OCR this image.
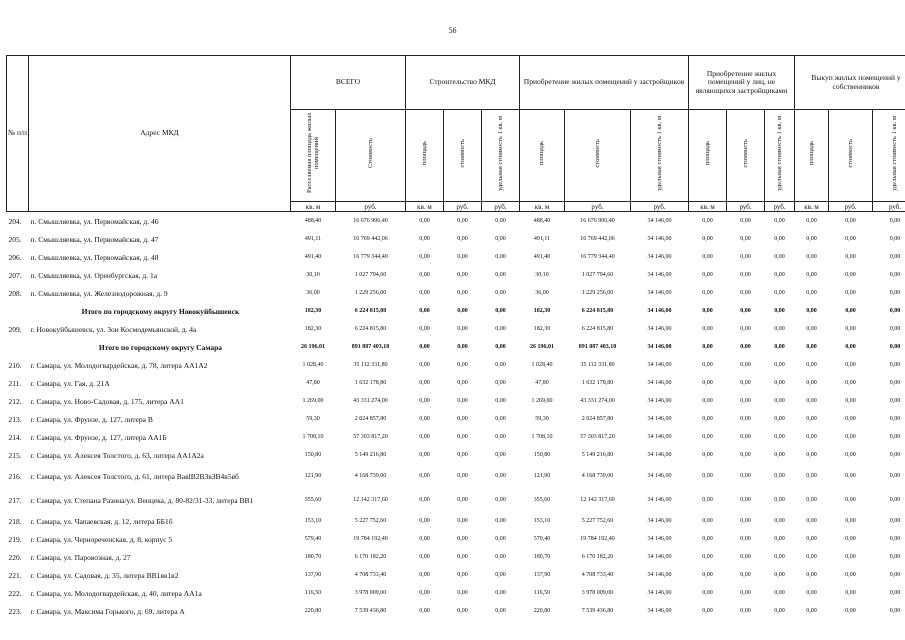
56
№ п/п	Адрес МКД	ВСЕГО		Строительство МКД			Приобретение жилых помещений у застройщиков			Приобретение жилых помещений у лиц, не являющихся застройщиками			Выкуп жилых помещений у собственников		
		Расселяемая площадь жилых помещений	Стоимость	площадь	стоимость	удельная стоимость 1 кв. м	площадь	стоимость	удельная стоимость 1 кв. м	площадь	стоимость	удельная стоимость 1 кв. м	площадь	стоимость	удельная стоимость 1 кв. м
		кв. м	руб.	кв. м	руб.	руб.	кв. м	руб.	руб.	кв. м	руб.	руб.	кв. м	руб.	руб.
204.	п. Смышляевка, ул. Первомайская, д. 46	488,40	16 676 906,40	0,00	0,00	0,00	488,40	16 676 906,40	34 146,00	0,00	0,00	0,00	0,00	0,00	0,00
205.	п. Смышляевка, ул. Первомайская, д. 47	491,11	16 769 442,06	0,00	0,00	0,00	491,11	16 769 442,06	34 146,00	0,00	0,00	0,00	0,00	0,00	0,00
206.	п. Смышляевка, ул. Первомайская, д. 48	491,40	16 779 344,40	0,00	0,00	0,00	491,40	16 779 344,40	34 146,00	0,00	0,00	0,00	0,00	0,00	0,00
207.	п. Смышляевка, ул. Оренбургская, д. 1а	30,10	1 027 794,60	0,00	0,00	0,00	30,10	1 027 794,60	34 146,00	0,00	0,00	0,00	0,00	0,00	0,00
208.	п. Смышляевка, ул. Железнодорожная, д. 9	36,00	1 229 256,00	0,00	0,00	0,00	36,00	1 229 256,00	34 146,00	0,00	0,00	0,00	0,00	0,00	0,00
	Итого по городскому округу Новокуйбышевск	182,30	6 224 815,80	0,00	0,00	0,00	182,30	6 224 815,80	34 146,00	0,00	0,00	0,00	0,00	0,00	0,00
209.	г. Новокуйбышевск, ул. Зои Космодемьянской, д. 4а	182,30	6 224 815,80	0,00	0,00	0,00	182,30	6 224 815,80	34 146,00	0,00	0,00	0,00	0,00	0,00	0,00
	Итого по городскому округу Самара	26 196,01	891 887 403,18	0,00	0,00	0,00	26 196,01	891 887 403,18	34 146,00	0,00	0,00	0,00	0,00	0,00	0,00
210.	г. Самара, ул. Молодогвардейская, д. 78, литера АА1А2	1 028,40	35 112 331,80	0,00	0,00	0,00	1 028,40	35 112 331,80	34 146,00	0,00	0,00	0,00	0,00	0,00	0,00
211.	г. Самара, ул. Гая, д. 21А	47,80	1 632 178,80	0,00	0,00	0,00	47,80	1 632 178,80	34 146,00	0,00	0,00	0,00	0,00	0,00	0,00
212.	г. Самара, ул. Ново-Садовая, д. 175, литера АА1	1 269,00	43 331 274,00	0,00	0,00	0,00	1 269,00	43 331 274,00	34 146,00	0,00	0,00	0,00	0,00	0,00	0,00
213.	г. Самара, ул. Фрунзе, д. 127, литера В	59,30	2 024 857,80	0,00	0,00	0,00	59,30	2 024 857,80	34 146,00	0,00	0,00	0,00	0,00	0,00	0,00
214.	г. Самара, ул. Фрунзе, д. 127, литера АА1Б	1 708,10	57 303 817,20	0,00	0,00	0,00	1 708,10	57 303 817,20	34 146,00	0,00	0,00	0,00	0,00	0,00	0,00
215.	г. Самара, ул. Алексея Толстого, д. 63, литера АА1А2а	150,80	5 149 216,80	0,00	0,00	0,00	150,80	5 149 216,80	34 146,00	0,00	0,00	0,00	0,00	0,00	0,00
216.	г. Самара, ул. Алексея Толстого, д. 61, литера ВавlВ2ВЗвЗВ4в5вб	121,90	4 168 739,00	0,00	0,00	0,00	121,90	4 168 739,00	34 146,00	0,00	0,00	0,00	0,00	0,00	0,00
217.	г. Самара, ул. Степана Разина/ул. Венцека, д. 80-82/31-33, литера ВВ1	355,60	12 142 317,60	0,00	0,00	0,00	355,60	12 142 317,60	34 146,00	0,00	0,00	0,00	0,00	0,00	0,00
218.	г. Самара, ул. Чапаевская, д. 12, литера ББ1б	153,10	5 227 752,60	0,00	0,00	0,00	153,10	5 227 752,60	34 146,00	0,00	0,00	0,00	0,00	0,00	0,00
219.	г. Самара, ул. Чернореченская, д. 8, корпус 5	579,40	19 784 192,40	0,00	0,00	0,00	579,40	19 784 192,40	34 146,00	0,00	0,00	0,00	0,00	0,00	0,00
220.	г. Самара, ул. Паровозная, д. 27	180,70	6 170 182,20	0,00	0,00	0,00	180,70	6 170 182,20	34 146,00	0,00	0,00	0,00	0,00	0,00	0,00
221.	г. Самара, ул. Садовая, д. 35, литера ВВ1вв1в2	137,90	4 708 733,40	0,00	0,00	0,00	137,90	4 708 733,40	34 146,00	0,00	0,00	0,00	0,00	0,00	0,00
222.	г. Самара, ул. Молодогвардейская, д. 40, литера АА1а	116,50	3 978 009,00	0,00	0,00	0,00	116,50	3 978 009,00	34 146,00	0,00	0,00	0,00	0,00	0,00	0,00
223.	г. Самара, ул. Максима Горького, д. 69, литера А	220,80	7 539 436,80	0,00	0,00	0,00	220,80	7 539 436,80	34 146,00	0,00	0,00	0,00	0,00	0,00	0,00
